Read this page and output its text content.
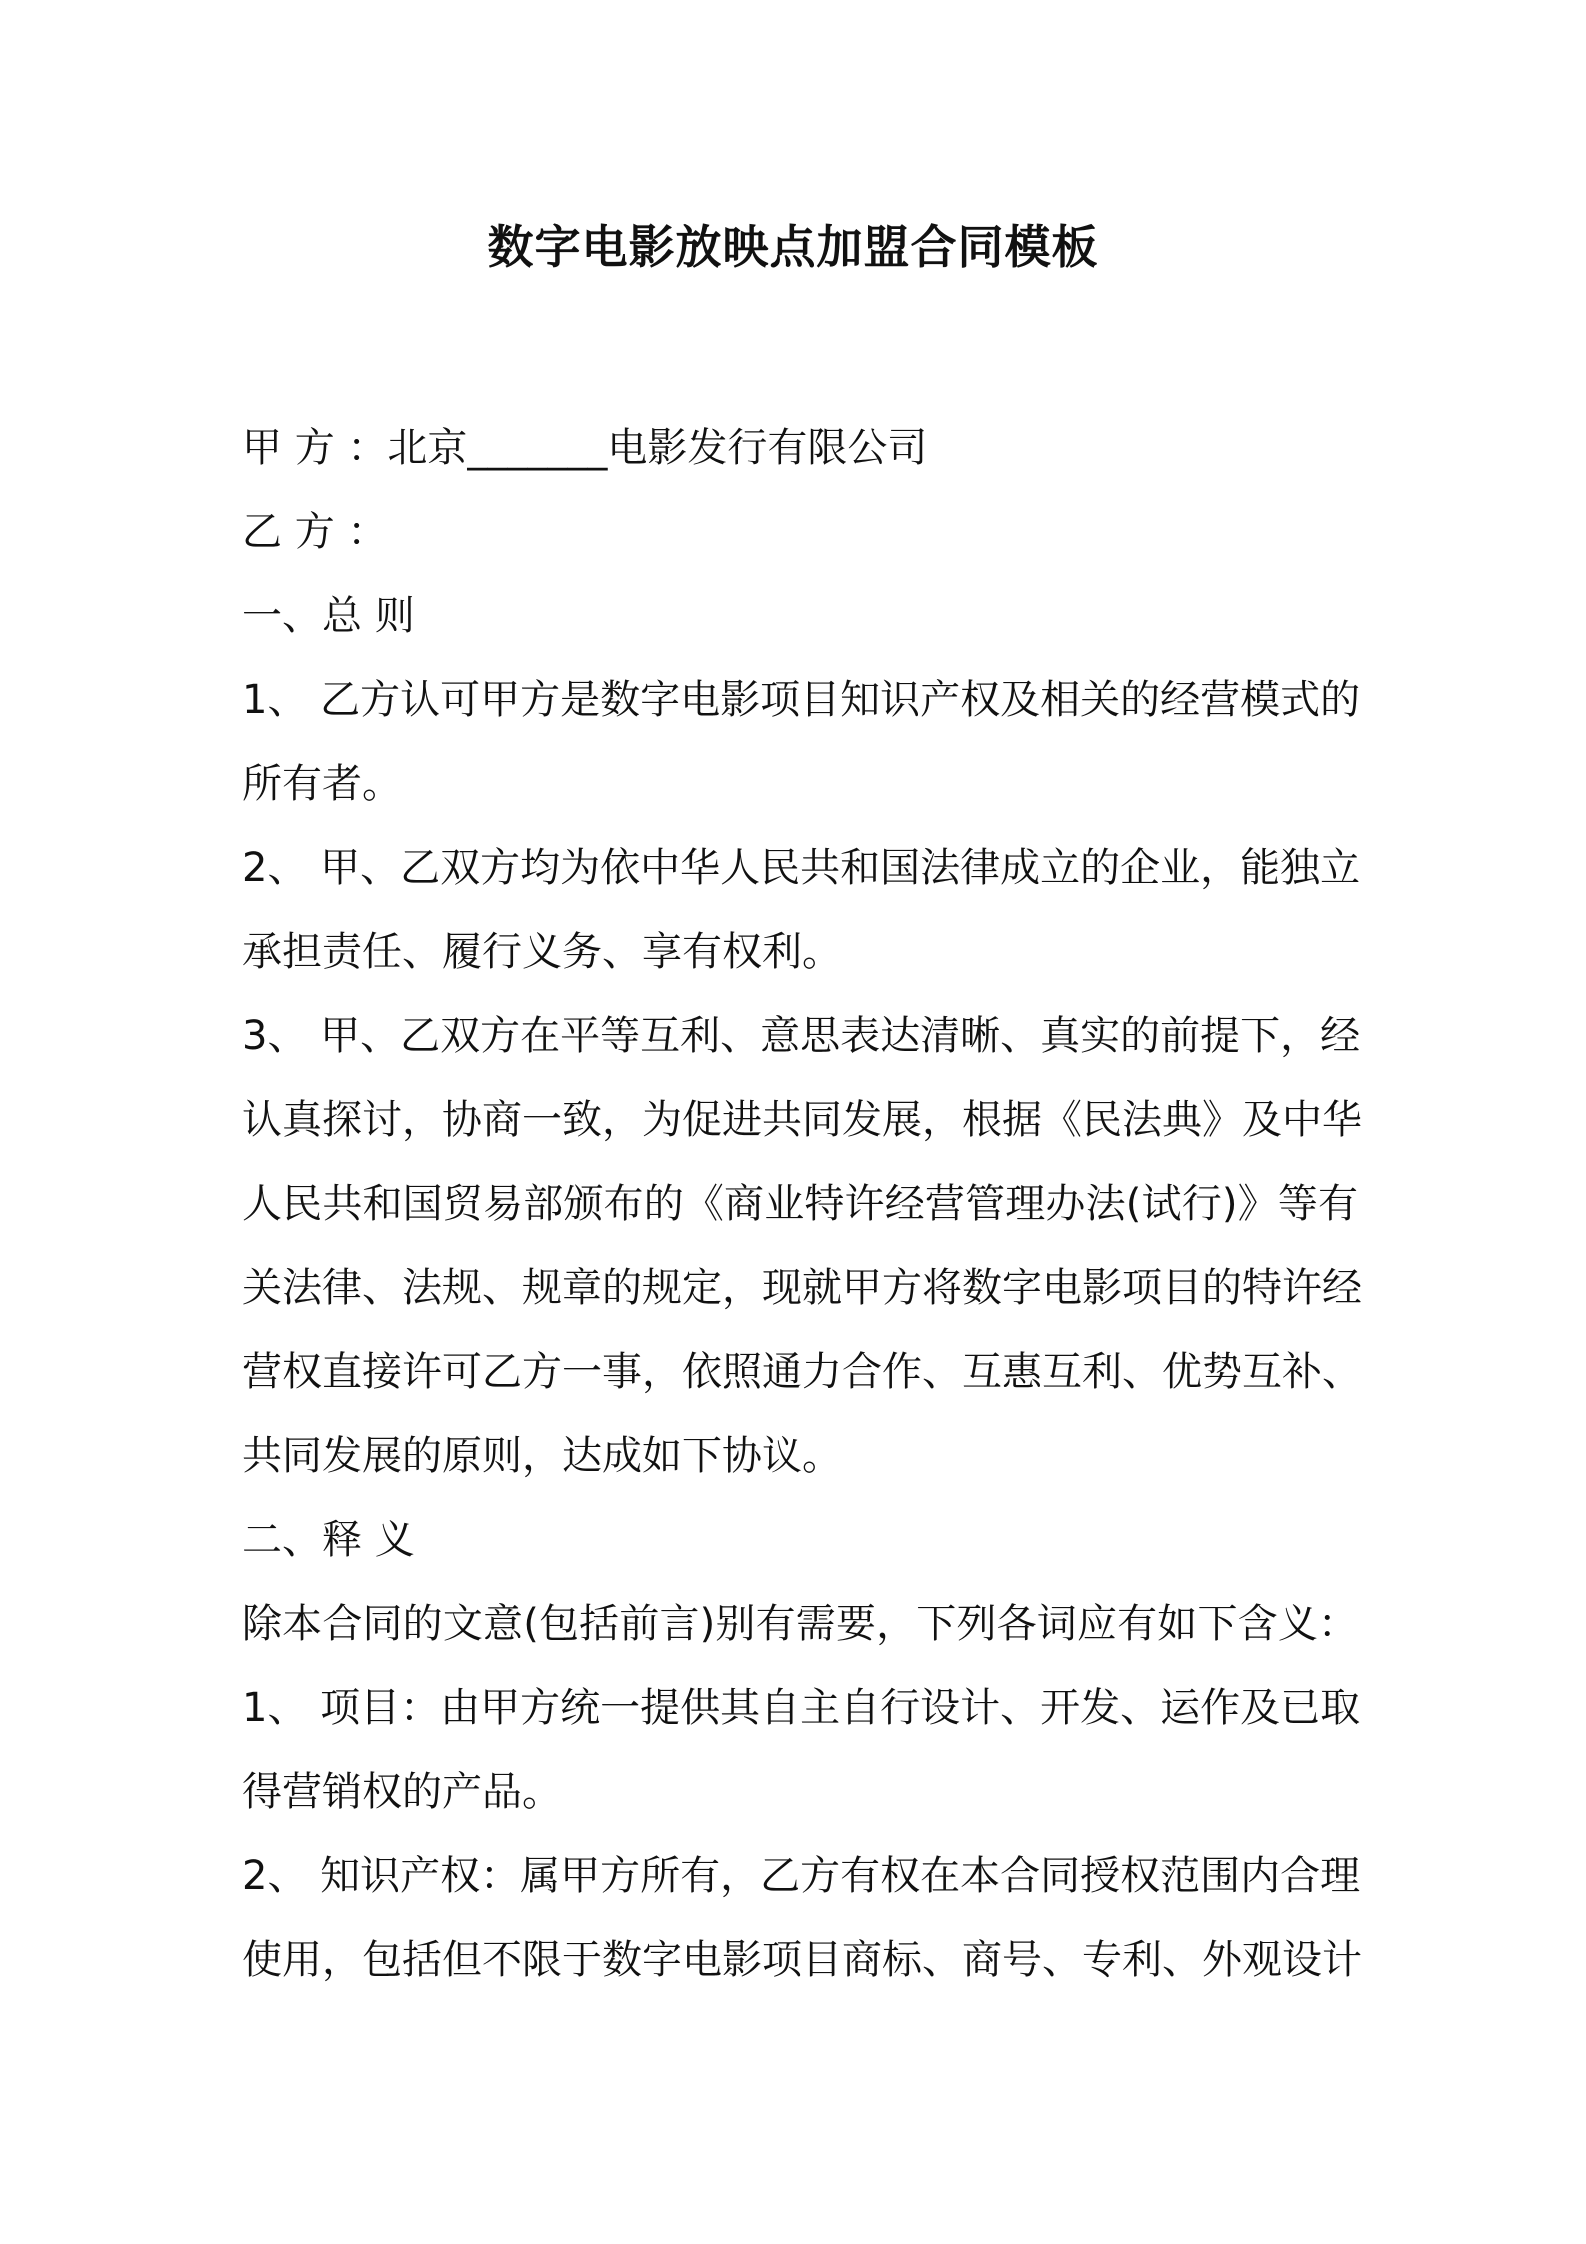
数字电影放映点加盟合同模板
甲 方 ：北京_______电影发行有限公司
乙 方 ：
一、总 则
1、 乙方认可甲方是数字电影项目知识产权及相关的经营模式的
所有者。
2、 甲、乙双方均为依中华人民共和国法律成立的企业，能独立
承担责任、履行义务、享有权利。
3、 甲、乙双方在平等互利、意思表达清晰、真实的前提下，经
认真探讨，协商一致，为促进共同发展，根据《民法典》及中华
人民共和国贸易部颁布的《商业特许经营管理办法(试行)》等有
关法律、法规、规章的规定，现就甲方将数字电影项目的特许经
营权直接许可乙方一事，依照通力合作、互惠互利、优势互补、
共同发展的原则，达成如下协议。
二、释 义
除本合同的文意(包括前言)别有需要，下列各词应有如下含义：
1、 项目：由甲方统一提供其自主自行设计、开发、运作及已取
得营销权的产品。
2、 知识产权：属甲方所有，乙方有权在本合同授权范围内合理
使用，包括但不限于数字电影项目商标、商号、专利、外观设计
